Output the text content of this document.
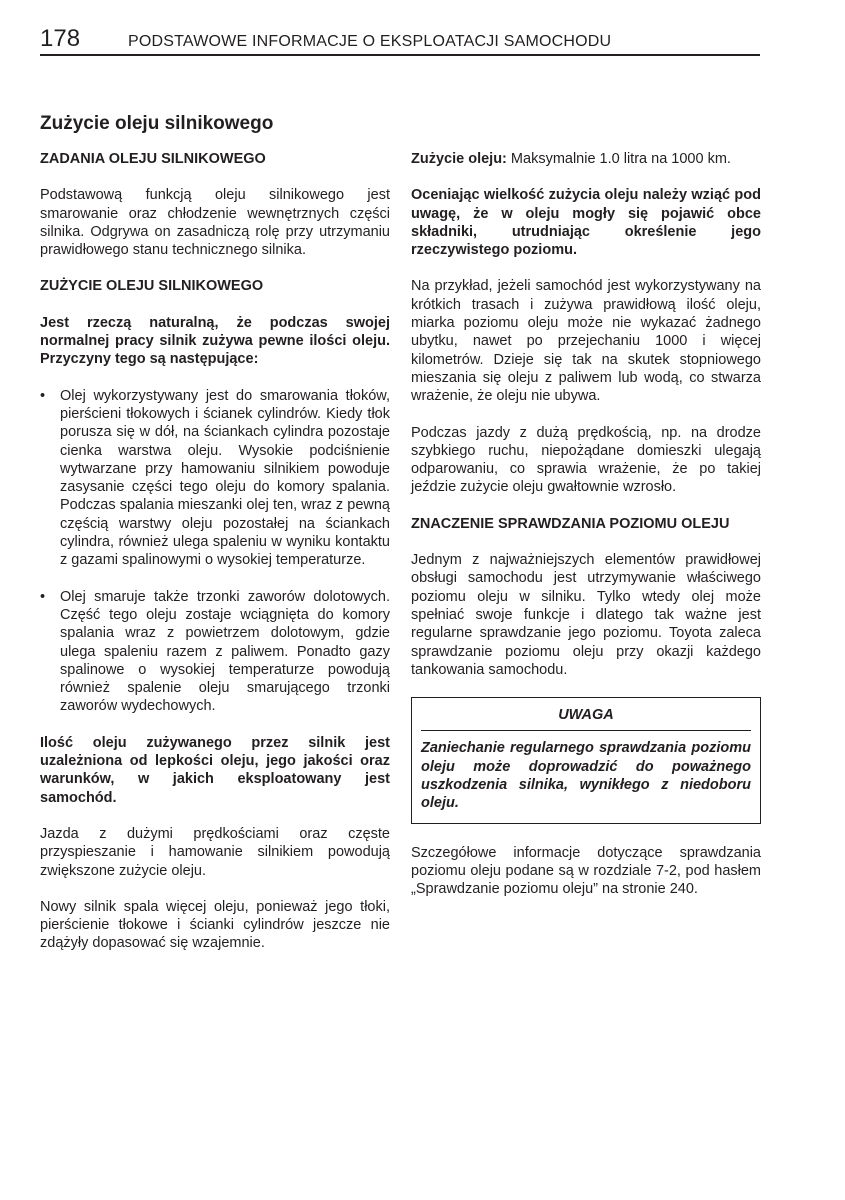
178	PODSTAWOWE INFORMACJE O EKSPLOATACJI SAMOCHODU
Zużycie oleju silnikowego
ZADANIA OLEJU SILNIKOWEGO

Podstawową funkcją oleju silnikowego jest smarowanie oraz chłodzenie wewnętrznych części silnika. Odgrywa on zasadniczą rolę przy utrzymaniu prawidłowego stanu technicznego silnika.

ZUŻYCIE OLEJU SILNIKOWEGO

Jest rzeczą naturalną, że podczas swojej normalnej pracy silnik zużywa pewne ilości oleju. Przyczyny tego są następujące:

• Olej wykorzystywany jest do smarowania tłoków, pierścieni tłokowych i ścianek cylindrów. Kiedy tłok porusza się w dół, na ściankach cylindra pozostaje cienka warstwa oleju. Wysokie podciśnienie wytwarzane przy hamowaniu silnikiem powoduje zasysanie części tego oleju do komory spalania. Podczas spalania mieszanki olej ten, wraz z pewną częścią warstwy oleju pozostałej na ściankach cylindra, również ulega spaleniu w wyniku kontaktu z gazami spalinowymi o wysokiej temperaturze.
• Olej smaruje także trzonki zaworów dolotowych. Część tego oleju zostaje wciągnięta do komory spalania wraz z powietrzem dolotowym, gdzie ulega spaleniu razem z paliwem. Ponadto gazy spalinowe o wysokiej temperaturze powodują również spalenie oleju smarującego trzonki zaworów wydechowych.

Ilość oleju zużywanego przez silnik jest uzależniona od lepkości oleju, jego jakości oraz warunków, w jakich eksploatowany jest samochód.

Jazda z dużymi prędkościami oraz częste przyspieszanie i hamowanie silnikiem powodują zwiększone zużycie oleju.

Nowy silnik spala więcej oleju, ponieważ jego tłoki, pierścienie tłokowe i ścianki cylindrów jeszcze nie zdążyły dopasować się wzajemnie.

Zużycie oleju: Maksymalnie 1.0 litra na 1000 km.

Oceniając wielkość zużycia oleju należy wziąć pod uwagę, że w oleju mogły się pojawić obce składniki, utrudniając określenie jego rzeczywistego poziomu.

Na przykład, jeżeli samochód jest wykorzystywany na krótkich trasach i zużywa prawidłową ilość oleju, miarka poziomu oleju może nie wykazać żadnego ubytku, nawet po przejechaniu 1000 i więcej kilometrów. Dzieje się tak na skutek stopniowego mieszania się oleju z paliwem lub wodą, co stwarza wrażenie, że oleju nie ubywa.

Podczas jazdy z dużą prędkością, np. na drodze szybkiego ruchu, niepożądane domieszki ulegają odparowaniu, co sprawia wrażenie, że po takiej jeździe zużycie oleju gwałtownie wzrosło.

ZNACZENIE SPRAWDZANIA POZIOMU OLEJU

Jednym z najważniejszych elementów prawidłowej obsługi samochodu jest utrzymywanie właściwego poziomu oleju w silniku. Tylko wtedy olej może spełniać swoje funkcje i dlatego tak ważne jest regularne sprawdzanie jego poziomu. Toyota zaleca sprawdzanie poziomu oleju przy okazji każdego tankowania samochodu.

UWAGA
Zaniechanie regularnego sprawdzania poziomu oleju może doprowadzić do poważnego uszkodzenia silnika, wynikłego z niedoboru oleju.

Szczegółowe informacje dotyczące sprawdzania poziomu oleju podane są w rozdziale 7-2, pod hasłem „Sprawdzanie poziomu oleju” na stronie 240.
